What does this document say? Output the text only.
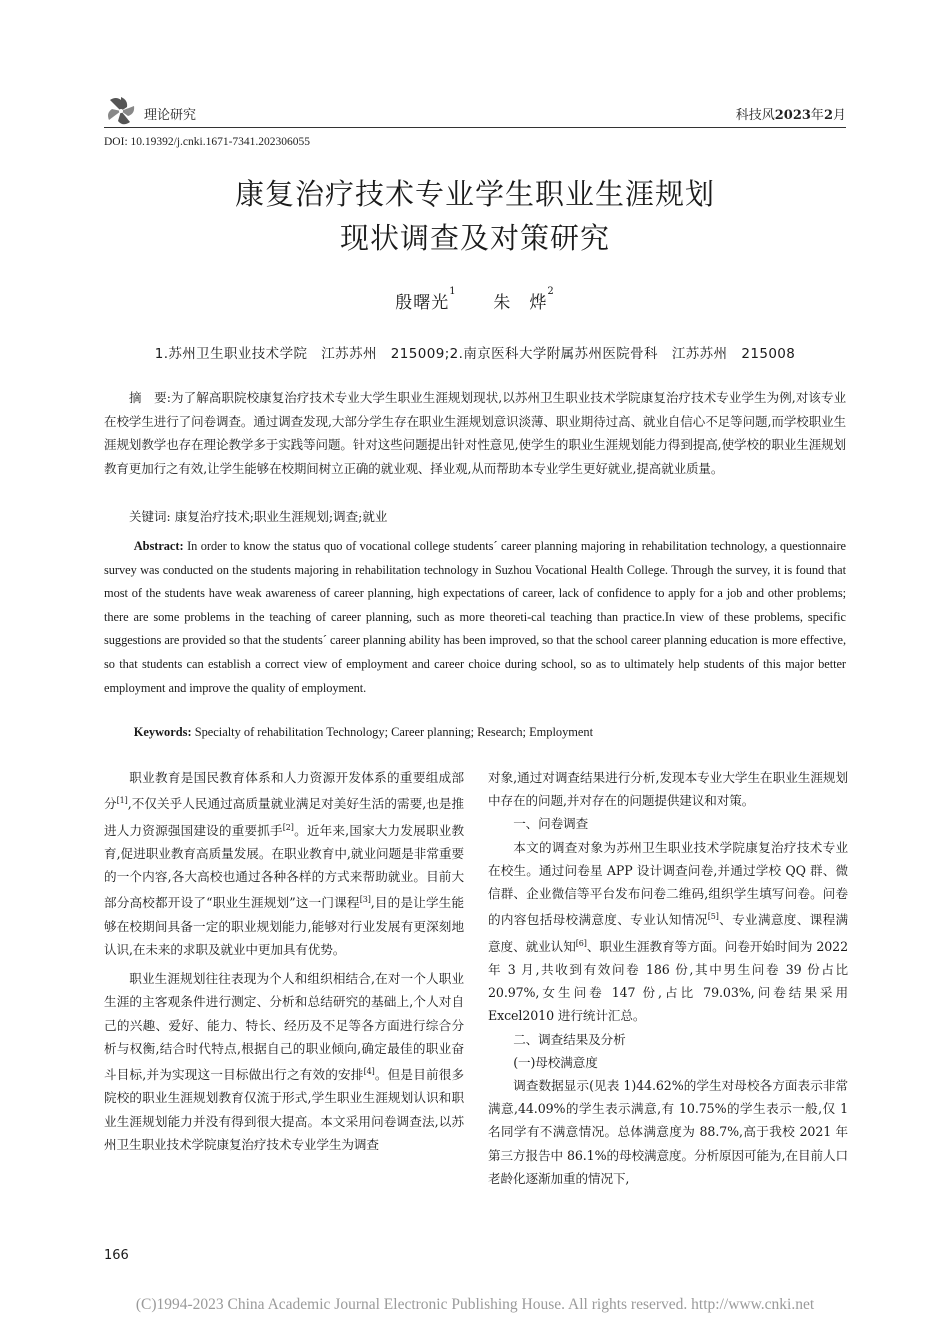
理论研究	科技风2023年2月
DOI: 10.19392/j.cnki.1671-7341.202306055
康复治疗技术专业学生职业生涯规划
现状调查及对策研究
殷曙光$^1$  朱　烨$^2$
1.苏州卫生职业技术学院　江苏苏州　215009;2.南京医科大学附属苏州医院骨科　江苏苏州　215008
摘　要:为了解高职院校康复治疗技术专业大学生职业生涯规划现状,以苏州卫生职业技术学院康复治疗技术专业学生为例,对该专业在校学生进行了问卷调查。通过调查发现,大部分学生存在职业生涯规划意识淡薄、职业期待过高、就业自信心不足等问题,而学校职业生涯规划教学也存在理论教学多于实践等问题。针对这些问题提出针对性意见,使学生的职业生涯规划能力得到提高,使学校的职业生涯规划教育更加行之有效,让学生能够在校期间树立正确的就业观、择业观,从而帮助本专业学生更好就业,提高就业质量。
关键词: 康复治疗技术;职业生涯规划;调查;就业
Abstract: In order to know the status quo of vocational college students´ career planning majoring in rehabilitation technology, a questionnaire survey was conducted on the students majoring in rehabilitation technology in Suzhou Vocational Health College. Through the survey, it is found that most of the students have weak awareness of career planning, high expectations of career, lack of confidence to apply for a job and other problems; there are some problems in the teaching of career planning, such as more theoreti-cal teaching than practice.In view of these problems, specific suggestions are provided so that the students´ career planning ability has been improved, so that the school career planning education is more effective, so that students can establish a correct view of employment and career choice during school, so as to ultimately help students of this major better employment and improve the quality of employment.
Keywords: Specialty of rehabilitation Technology; Career planning; Research; Employment

职业教育是国民教育体系和人力资源开发体系的重要组成部分[1],不仅关乎人民通过高质量就业满足对美好生活的需要,也是推进人力资源强国建设的重要抓手[2]。近年来,国家大力发展职业教育,促进职业教育高质量发展。在职业教育中,就业问题是非常重要的一个内容,各大高校也通过各种各样的方式来帮助就业。目前大部分高校都开设了“职业生涯规划”这一门课程[3],目的是让学生能够在校期间具备一定的职业规划能力,能够对行业发展有更深刻地认识,在未来的求职及就业中更加具有优势。

职业生涯规划往往表现为个人和组织相结合,在对一个人职业生涯的主客观条件进行测定、分析和总结研究的基础上,个人对自己的兴趣、爱好、能力、特长、经历及不足等各方面进行综合分析与权衡,结合时代特点,根据自己的职业倾向,确定最佳的职业奋斗目标,并为实现这一目标做出行之有效的安排[4]。但是目前很多院校的职业生涯规划教育仅流于形式,学生职业生涯规划认识和职业生涯规划能力并没有得到很大提高。本文采用问卷调查法,以苏州卫生职业技术学院康复治疗技术专业学生为调查

对象,通过对调查结果进行分析,发现本专业大学生在职业生涯规划中存在的问题,并对存在的问题提供建议和对策。

一、问卷调查

本文的调查对象为苏州卫生职业技术学院康复治疗技术专业在校生。通过问卷星 APP 设计调查问卷,并通过学校 QQ 群、微信群、企业微信等平台发布问卷二维码,组织学生填写问卷。问卷的内容包括母校满意度、专业认知情况[5]、专业满意度、课程满意度、就业认知[6]、职业生涯教育等方面。问卷开始时间为 2022 年 3 月,共收到有效问卷 186 份,其中男生问卷 39 份占比 20.97%,女生问卷 147 份,占比 79.03%,问卷结果采用 Excel2010 进行统计汇总。

二、调查结果及分析

(一)母校满意度

调查数据显示(见表 1)44.62%的学生对母校各方面表示非常满意,44.09%的学生表示满意,有 10.75%的学生表示一般,仅 1 名同学有不满意情况。总体满意度为 88.7%,高于我校 2021 年第三方报告中 86.1%的母校满意度。分析原因可能为,在目前人口老龄化逐渐加重的情况下,

166
(C)1994-2023 China Academic Journal Electronic Publishing House. All rights reserved. http://www.cnki.net
